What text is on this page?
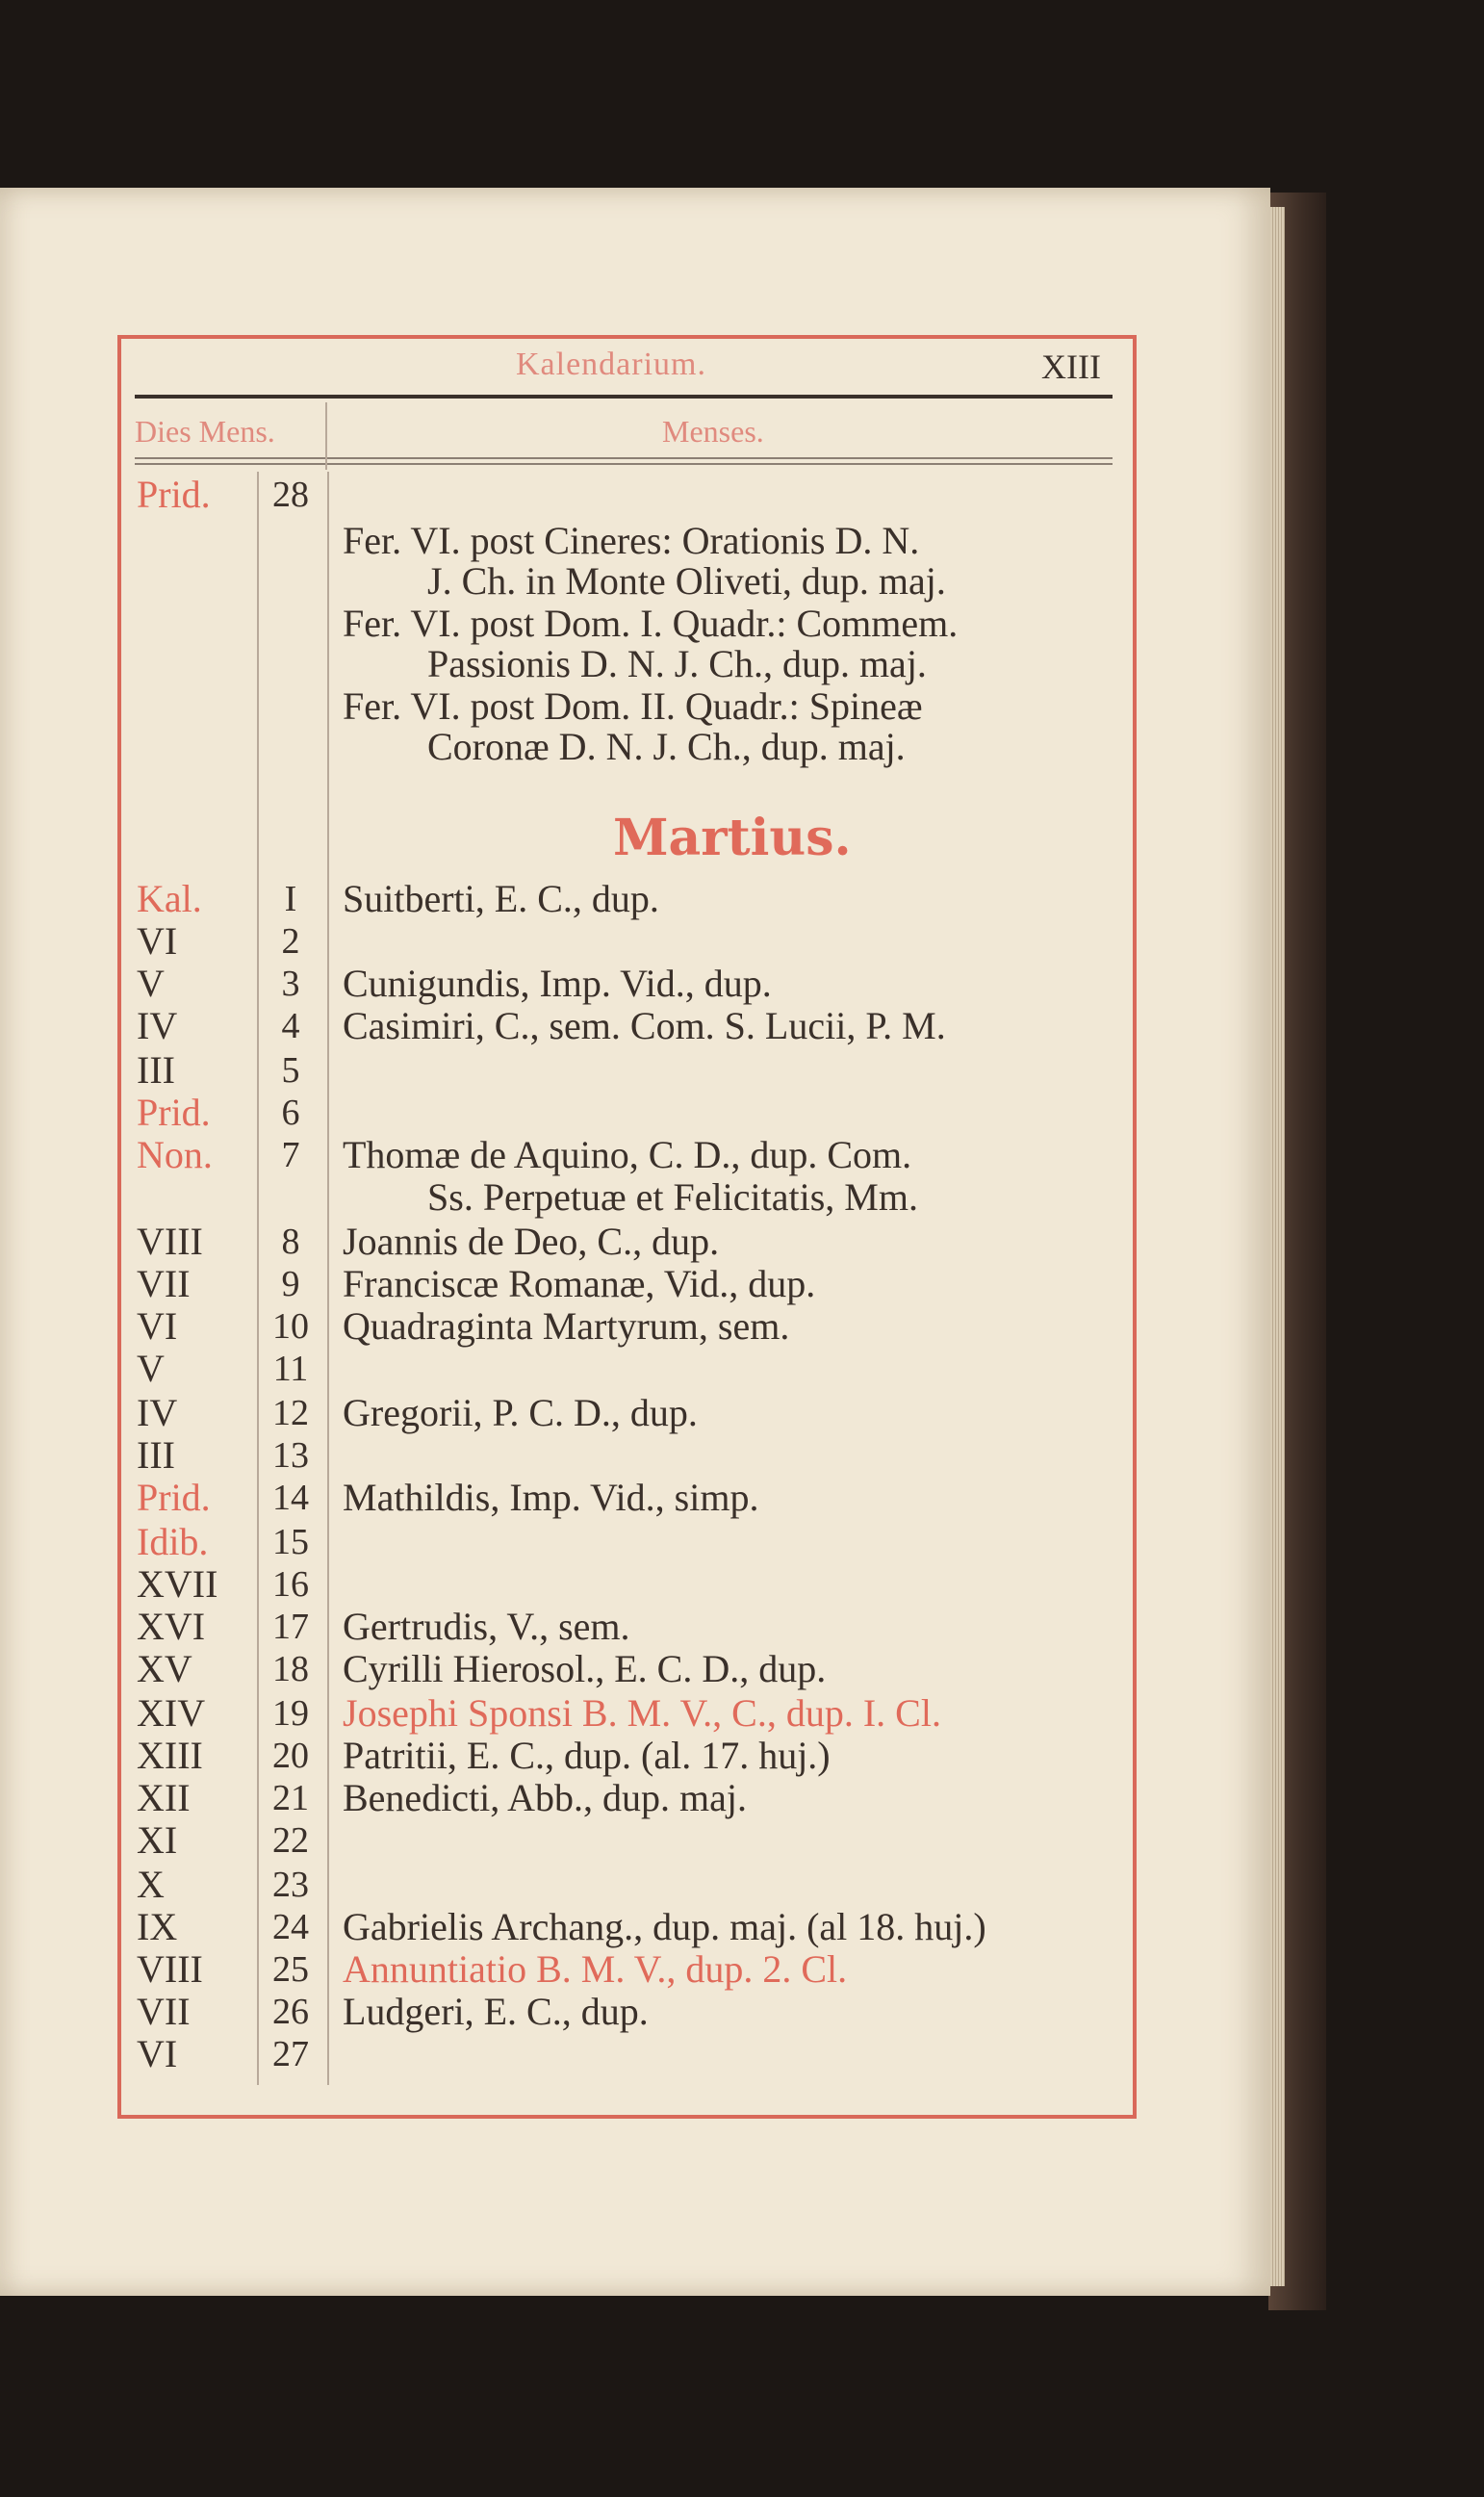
Kalendarium.	XIII
Dies Mens.	Menses.
Martius.
Prid.	28
Fer. VI. post Cineres: Orationis D. N.
J. Ch. in Monte Oliveti, dup. maj.
Fer. VI. post Dom. I. Quadr.: Commem.
Passionis D. N. J. Ch., dup. maj.
Fer. VI. post Dom. II. Quadr.: Spineæ
Coronæ D. N. J. Ch., dup. maj.
Kal.	I	Suitberti, E. C., dup.
VI	2
V	3	Cunigundis, Imp. Vid., dup.
IV	4	Casimiri, C., sem. Com. S. Lucii, P. M.
III	5
Prid.	6
Non.	7	Thomæ de Aquino, C. D., dup. Com.
Ss. Perpetuæ et Felicitatis, Mm.
VIII	8	Joannis de Deo, C., dup.
VII	9	Franciscæ Romanæ, Vid., dup.
VI	10 Quadraginta Martyrum, sem.
V	11
IV	12 Gregorii, P. C. D., dup.
III	13
Prid.	14 Mathildis, Imp. Vid., simp.
Idib.	15
XVII	16
XVI	17 Gertrudis, V., sem.
XV	18 Cyrilli Hierosol., E. C. D., dup.
XIV	19 Josephi Sponsi B. M. V., C., dup. I. Cl.
XIII	20 Patritii, E. C., dup. (al. 17. huj.)
XII	21 Benedicti, Abb., dup. maj.
XI	22
X	23
IX	24 Gabrielis Archang., dup. maj. (al 18. huj.)
VIII	25 Annuntiatio B. M. V., dup. 2. Cl.
VII	26 Ludgeri, E. C., dup.
VI	27
